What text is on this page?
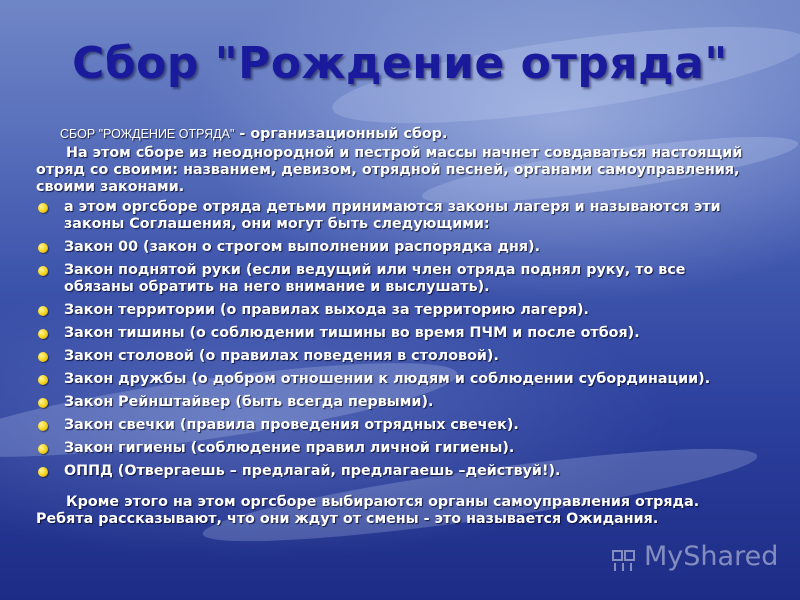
Сбор "Рождение отряда"

СБОР "РОЖДЕНИЕ ОТРЯДА" - организационный сбор.

На этом сборе из неоднородной и пестрой массы начнет совдаваться настоящий отряд со своими: названием, девизом, отрядной песней, органами самоуправления, своими законами.

а этом оргсборе отряда детьми принимаются законы лагеря и называются эти законы Соглашения, они могут быть следующими:
Закон 00 (закон о строгом выполнении распорядка дня).
Закон поднятой руки (если ведущий или член отряда поднял руку, то все обязаны обратить на него внимание и выслушать).
Закон территории (о правилах выхода за территорию лагеря).
Закон тишины (о соблюдении тишины во время ПЧМ и после отбоя).
Закон столовой (о правилах поведения в столовой).
Закон дружбы (о добром отношении к людям и соблюдении субординации).
Закон Рейнштайвер (быть всегда первыми).
Закон свечки (правила проведения отрядных свечек).
Закон гигиены (соблюдение правил личной гигиены).
ОППД (Отвергаешь – предлагай, предлагаешь –действуй!).

Кроме этого на этом оргсборе выбираются органы самоуправления отряда. Ребята рассказывают, что они ждут от смены - это называется Ожидания.

MyShared
